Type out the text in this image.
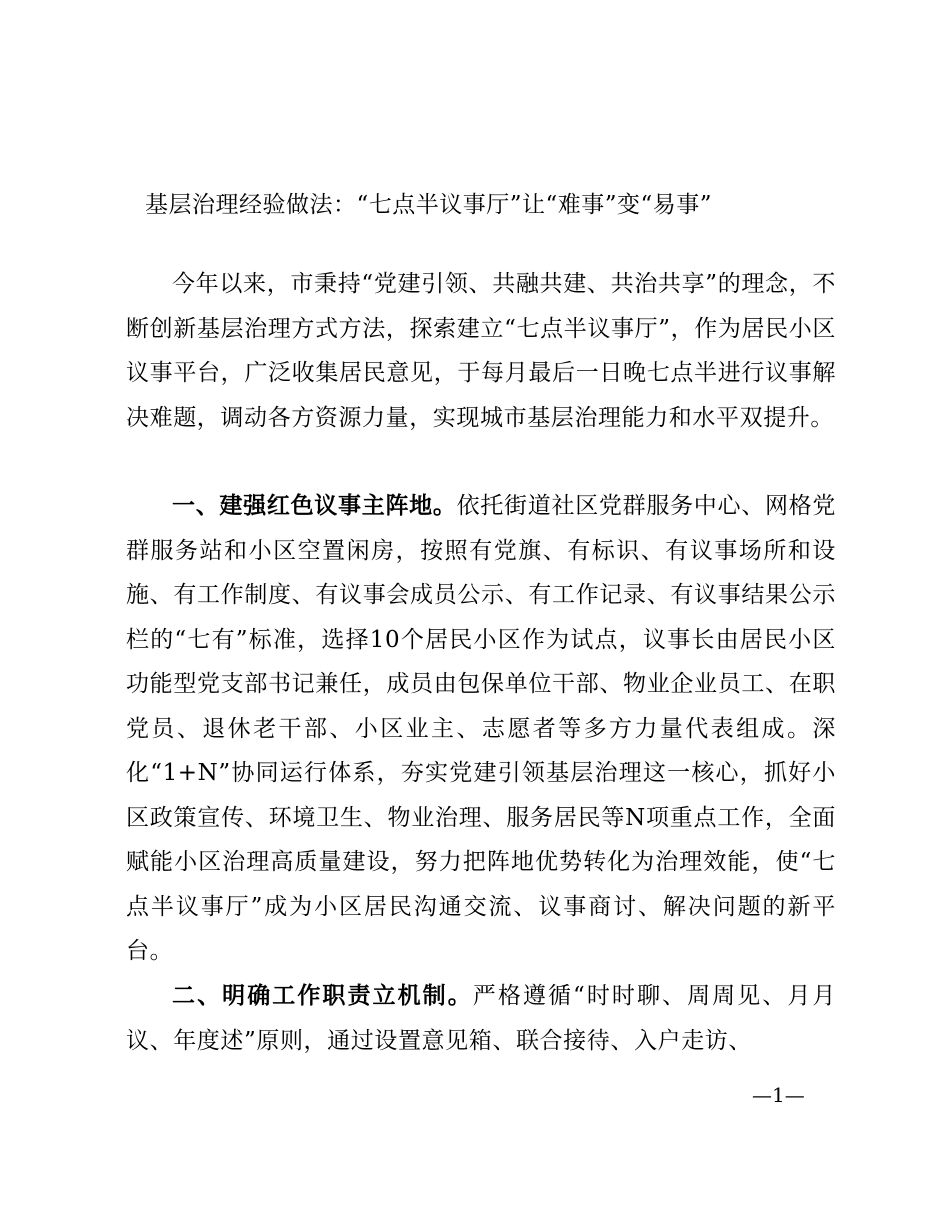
基层治理经验做法：“七点半议事厅”让“难事”变“易事”

今年以来，市秉持“党建引领、共融共建、共治共享”的理念，不断创新基层治理方式方法，探索建立“七点半议事厅”，作为居民小区议事平台，广泛收集居民意见，于每月最后一日晚七点半进行议事解决难题，调动各方资源力量，实现城市基层治理能力和水平双提升。

一、建强红色议事主阵地。依托街道社区党群服务中心、网格党群服务站和小区空置闲房，按照有党旗、有标识、有议事场所和设施、有工作制度、有议事会成员公示、有工作记录、有议事结果公示栏的“七有”标准，选择10个居民小区作为试点，议事长由居民小区功能型党支部书记兼任，成员由包保单位干部、物业企业员工、在职党员、退休老干部、小区业主、志愿者等多方力量代表组成。深化“1+N”协同运行体系，夯实党建引领基层治理这一核心，抓好小区政策宣传、环境卫生、物业治理、服务居民等N项重点工作，全面赋能小区治理高质量建设，努力把阵地优势转化为治理效能，使“七点半议事厅”成为小区居民沟通交流、议事商讨、解决问题的新平台。

二、明确工作职责立机制。严格遵循“时时聊、周周见、月月议、年度述”原则，通过设置意见箱、联合接待、入户走访、

—1—
